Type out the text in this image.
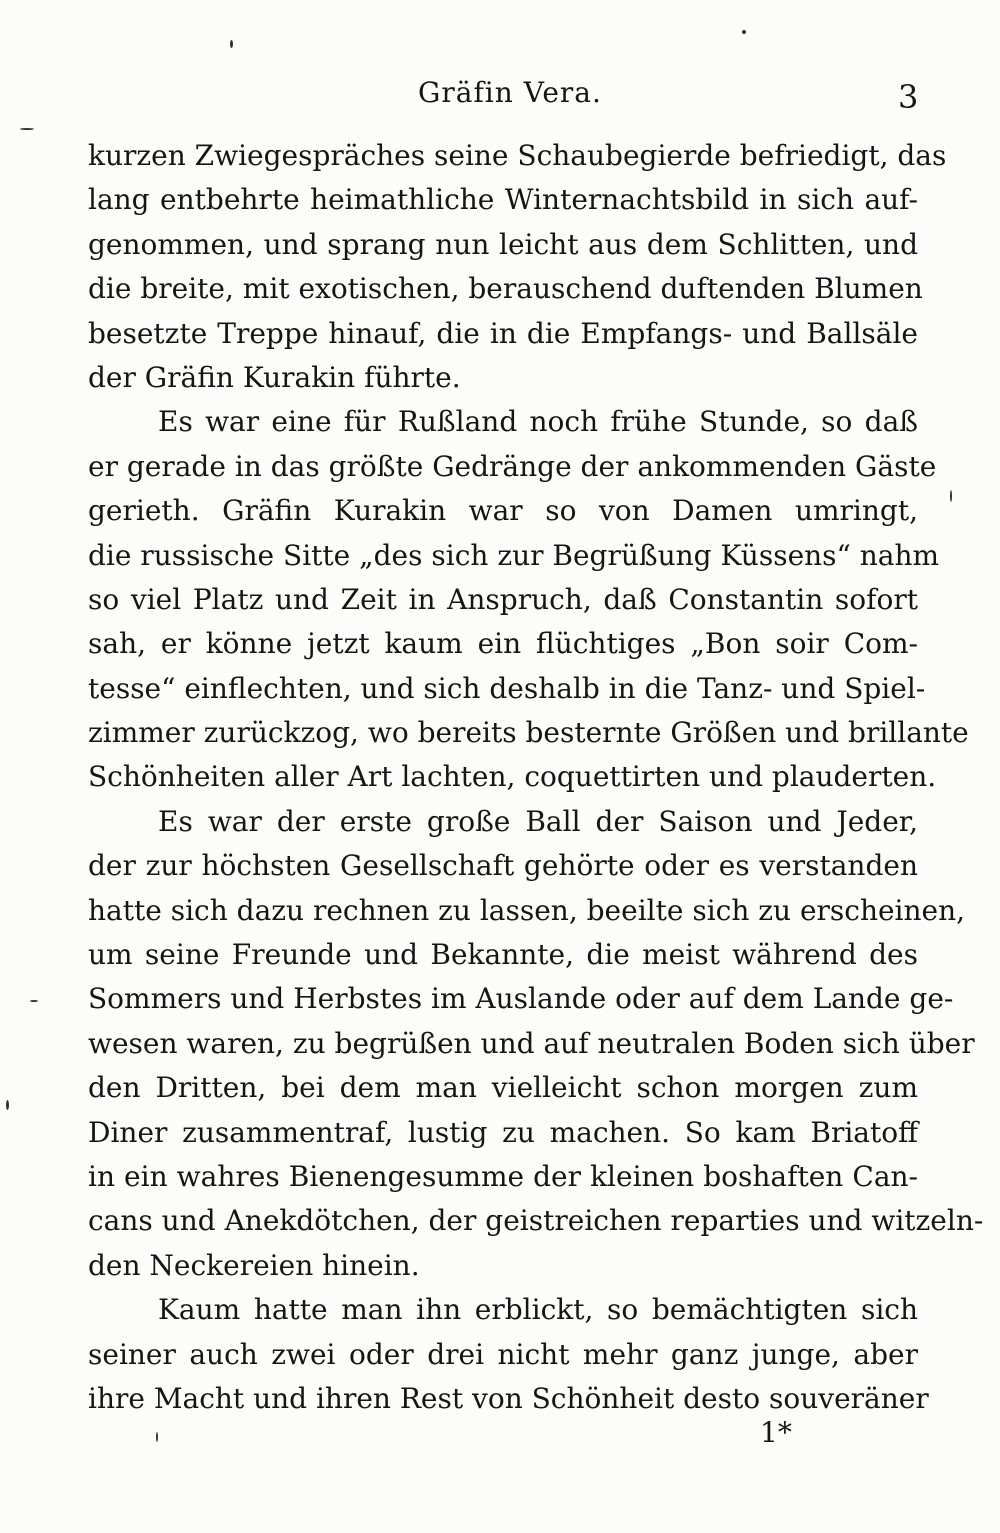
Gräfin Vera.	3
kurzen Zwiegespräches seine Schaubegierde befriedigt, das
lang entbehrte heimathliche Winternachtsbild in sich auf-
genommen, und sprang nun leicht aus dem Schlitten, und
die breite, mit exotischen, berauschend duftenden Blumen
besetzte Treppe hinauf, die in die Empfangs- und Ballsäle
der Gräfin Kurakin führte.
Es war eine für Rußland noch frühe Stunde, so daß
er gerade in das größte Gedränge der ankommenden Gäste
gerieth. Gräfin Kurakin war so von Damen umringt,
die russische Sitte „des sich zur Begrüßung Küssens“ nahm
so viel Platz und Zeit in Anspruch, daß Constantin sofort
sah, er könne jetzt kaum ein flüchtiges „Bon soir Com-
tesse“ einflechten, und sich deshalb in die Tanz- und Spiel-
zimmer zurückzog, wo bereits besternte Größen und brillante
Schönheiten aller Art lachten, coquettirten und plauderten.
Es war der erste große Ball der Saison und Jeder,
der zur höchsten Gesellschaft gehörte oder es verstanden
hatte sich dazu rechnen zu lassen, beeilte sich zu erscheinen,
um seine Freunde und Bekannte, die meist während des
Sommers und Herbstes im Auslande oder auf dem Lande ge-
wesen waren, zu begrüßen und auf neutralen Boden sich über
den Dritten, bei dem man vielleicht schon morgen zum
Diner zusammentraf, lustig zu machen. So kam Briatoff
in ein wahres Bienengesumme der kleinen boshaften Can-
cans und Anekdötchen, der geistreichen reparties und witzeln-
den Neckereien hinein.
Kaum hatte man ihn erblickt, so bemächtigten sich
seiner auch zwei oder drei nicht mehr ganz junge, aber
ihre Macht und ihren Rest von Schönheit desto souveräner
1*
